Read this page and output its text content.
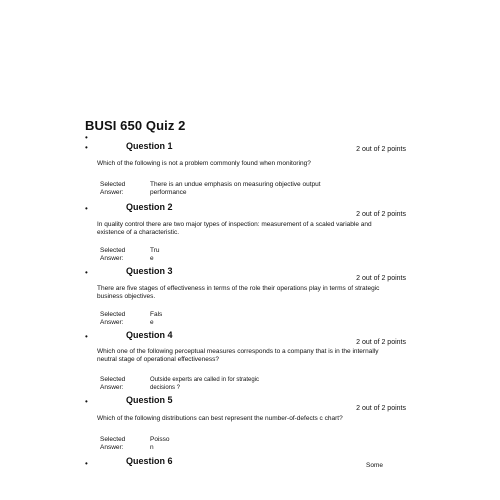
BUSI 650 Quiz 2
•
•	Question 1	2 out of 2 points
Which of the following is not a problem commonly found when monitoring?
Selected Answer:
There is an undue emphasis on measuring objective output performance
•	Question 2
2 out of 2 points
In quality control there are two major types of inspection: measurement of a scaled variable and existence of a characteristic.
Selected Answer:
Tru e
•	Question 3
2 out of 2 points
There are five stages of effectiveness in terms of the role their operations play in terms of strategic business objectives.
Selected Answer:
Fals e
•	Question 4
2 out of 2 points
Which one of the following perceptual measures corresponds to a company that is in the internally neutral stage of operational effectiveness?
Selected Answer:
Outside experts are called in for strategic decisions ?
•	Question 5
2 out of 2 points
Which of the following distributions can best represent the number-of-defects c chart?
Selected Answer:
Poisso n
•	Question 6	Some
